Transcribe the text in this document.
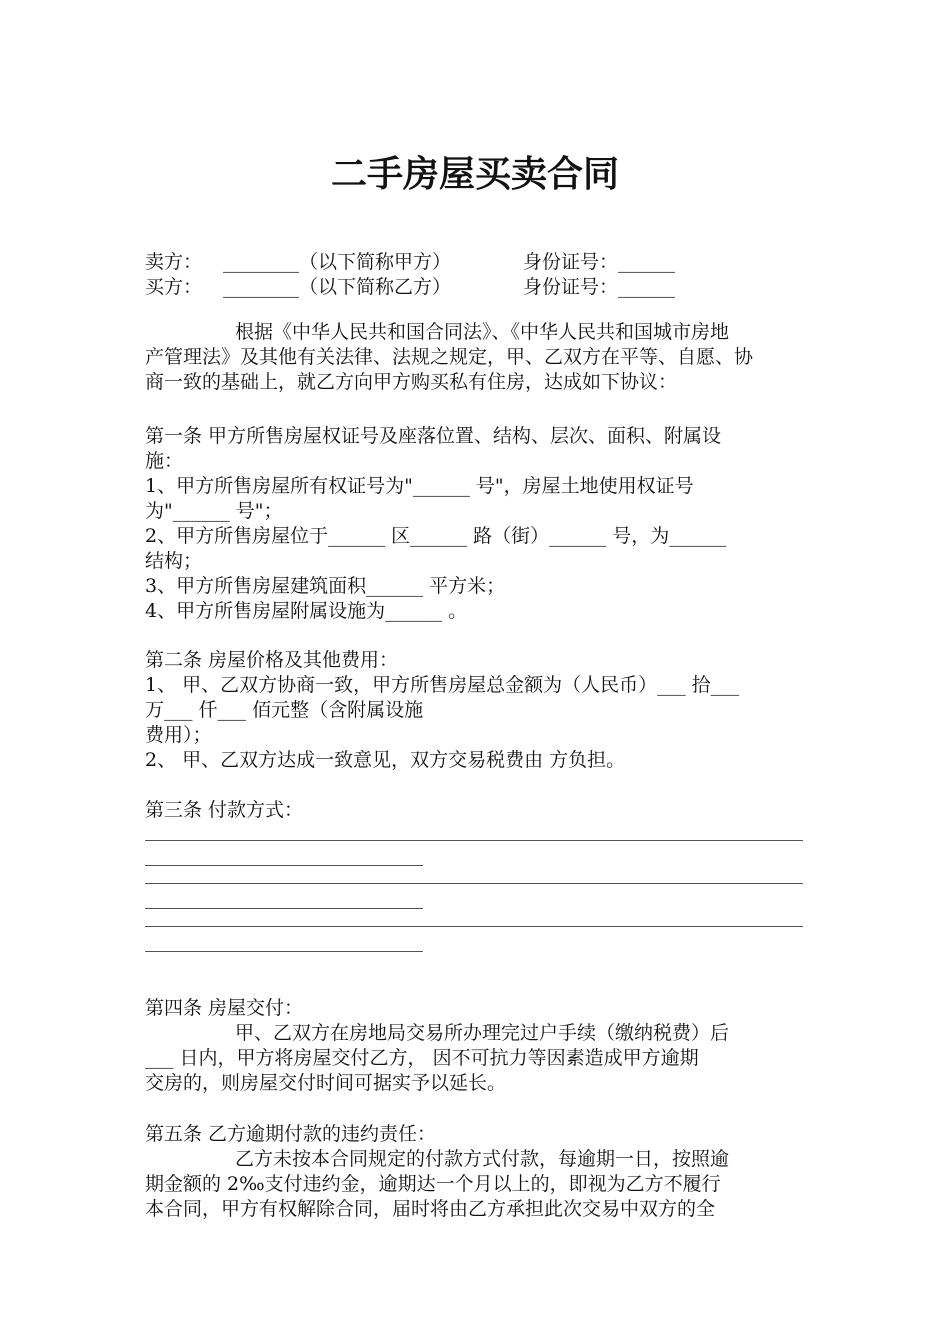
二手房屋买卖合同
卖方： ________（以下简称甲方）	身份证号：______
买方： ________（以下简称乙方）	身份证号：______
根据《中华人民共和国合同法》、《中华人民共和国城市房地
产管理法》及其他有关法律、法规之规定，甲、乙双方在平等、自愿、协
商一致的基础上，就乙方向甲方购买私有住房，达成如下协议：
第一条 甲方所售房屋权证号及座落位置、结构、层次、面积、附属设
施：
1、甲方所售房屋所有权证号为"______ 号"，房屋土地使用权证号
为"______ 号"；
2、甲方所售房屋位于______ 区______ 路（街）______ 号，为______
结构；
3、甲方所售房屋建筑面积______ 平方米；
4、甲方所售房屋附属设施为______ 。
第二条 房屋价格及其他费用：
1、 甲、乙双方协商一致，甲方所售房屋总金额为（人民币）___ 拾___
万___ 仟___ 佰元整（含附属设施
费用）；
2、 甲、乙双方达成一致意见，双方交易税费由 方负担。
第三条 付款方式：
第四条 房屋交付：
甲、乙双方在房地局交易所办理完过户手续（缴纳税费）后
___ 日内，甲方将房屋交付乙方， 因不可抗力等因素造成甲方逾期
交房的，则房屋交付时间可据实予以延长。
第五条 乙方逾期付款的违约责任：
乙方未按本合同规定的付款方式付款，每逾期一日，按照逾
期金额的 2‰支付违约金，逾期达一个月以上的，即视为乙方不履行
本合同，甲方有权解除合同，届时将由乙方承担此次交易中双方的全
